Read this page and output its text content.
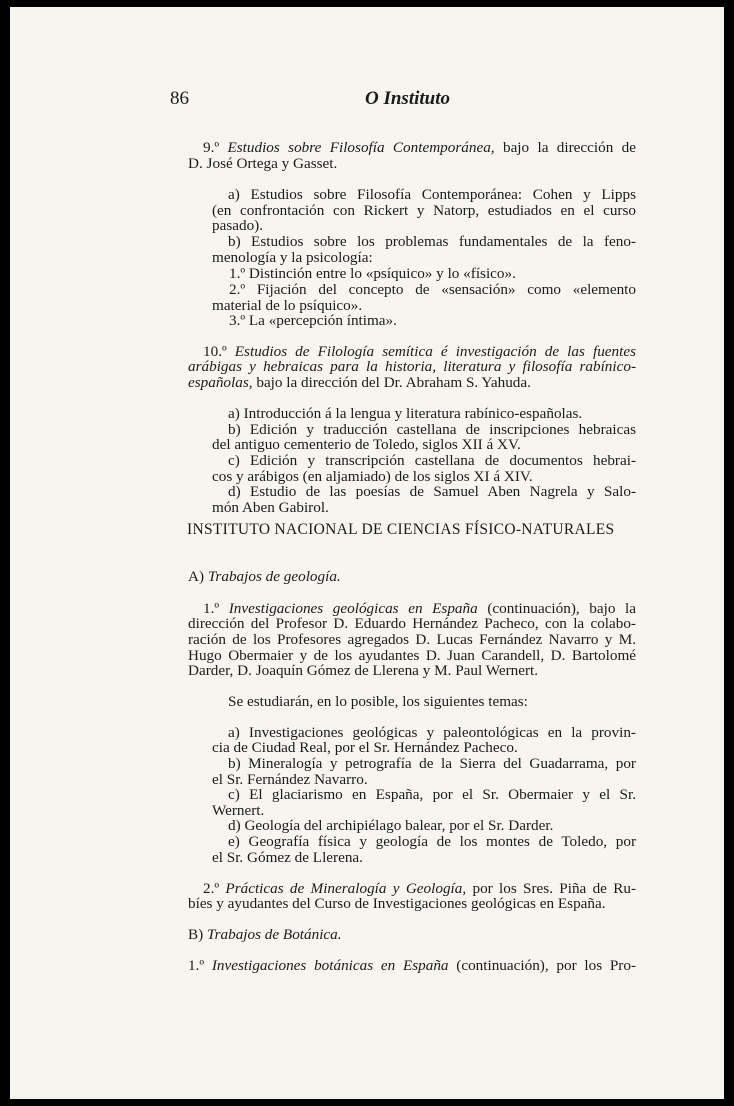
86	O Instituto
9.º Estudios sobre Filosofía Contemporánea, bajo la dirección de
D. José Ortega y Gasset.
a) Estudios sobre Filosofía Contemporánea: Cohen y Lipps
(en confrontación con Rickert y Natorp, estudiados en el curso
pasado).
b) Estudios sobre los problemas fundamentales de la feno-
menología y la psicología:
1.º Distinción entre lo «psíquico» y lo «físico».
2.º Fijación del concepto de «sensación» como «elemento
material de lo psíquico».
3.º La «percepción íntima».
10.º Estudios de Filología semítica é investigación de las fuentes
arábigas y hebraicas para la historia, literatura y filosofía rabínico-
españolas, bajo la dirección del Dr. Abraham S. Yahuda.
a) Introducción á la lengua y literatura rabínico-españolas.
b) Edición y traducción castellana de inscripciones hebraicas
del antiguo cementerio de Toledo, siglos XII á XV.
c) Edición y transcripción castellana de documentos hebrai-
cos y arábigos (en aljamiado) de los siglos XI á XIV.
d) Estudio de las poesías de Samuel Aben Nagrela y Salo-
món Aben Gabirol.
INSTITUTO NACIONAL DE CIENCIAS FÍSICO-NATURALES
A) Trabajos de geología.
1.º Investigaciones geológicas en España (continuación), bajo la
dirección del Profesor D. Eduardo Hernández Pacheco, con la colabo-
ración de los Profesores agregados D. Lucas Fernández Navarro y M.
Hugo Obermaier y de los ayudantes D. Juan Carandell, D. Bartolomé
Darder, D. Joaquín Gómez de Llerena y M. Paul Wernert.
Se estudiarán, en lo posible, los siguientes temas:
a) Investigaciones geológicas y paleontológicas en la provin-
cia de Ciudad Real, por el Sr. Hernández Pacheco.
b) Mineralogía y petrografía de la Sierra del Guadarrama, por
el Sr. Fernández Navarro.
c) El glaciarismo en España, por el Sr. Obermaier y el Sr.
Wernert.
d) Geología del archipiélago balear, por el Sr. Darder.
e) Geografía física y geología de los montes de Toledo, por
el Sr. Gómez de Llerena.
2.º Prácticas de Mineralogía y Geología, por los Sres. Piña de Ru-
bíes y ayudantes del Curso de Investigaciones geológicas en España.
B) Trabajos de Botánica.
1.º Investigaciones botánicas en España (continuación), por los Pro-
